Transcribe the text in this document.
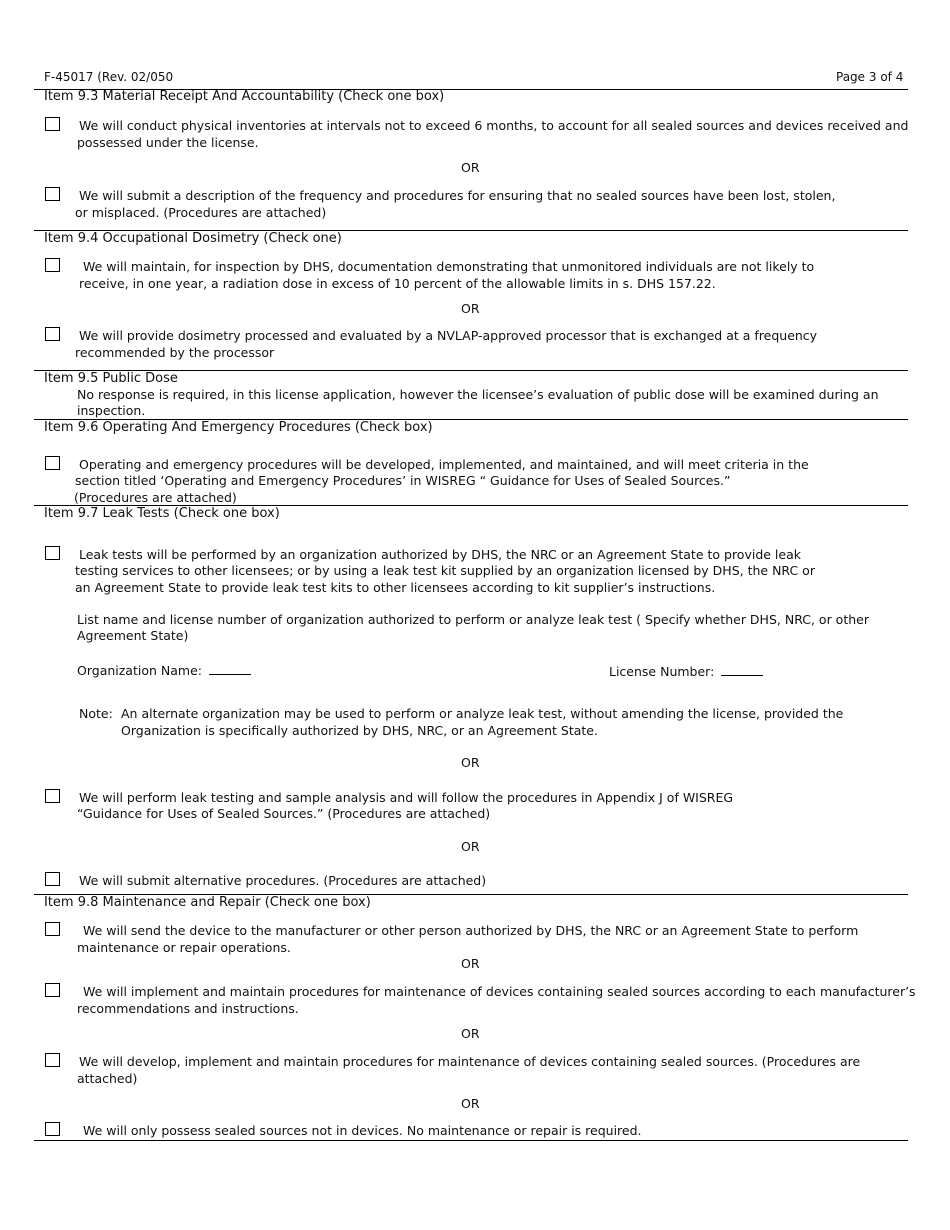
F-45017 (Rev. 02/050	Page 3 of 4
Item 9.3 Material Receipt And Accountability (Check one box)
We will conduct physical inventories at intervals not to exceed 6 months, to account for all sealed sources and devices received and
possessed under the license.
OR
We will submit a description of the frequency and procedures for ensuring that no sealed sources have been lost, stolen,
or misplaced. (Procedures are attached)
Item 9.4 Occupational Dosimetry (Check one)
We will maintain, for inspection by DHS, documentation demonstrating that unmonitored individuals are not likely to
receive, in one year, a radiation dose in excess of 10 percent of the allowable limits in s. DHS 157.22.
OR
We will provide dosimetry processed and evaluated by a NVLAP-approved processor that is exchanged at a frequency
recommended by the processor
Item 9.5 Public Dose
No response is required, in this license application, however the licensee’s evaluation of public dose will be examined during an
inspection.
Item 9.6 Operating And Emergency Procedures (Check box)
Operating and emergency procedures will be developed, implemented, and maintained, and will meet criteria in the
section titled ‘Operating and Emergency Procedures’ in WISREG “ Guidance for Uses of Sealed Sources.”
(Procedures are attached)
Item 9.7 Leak Tests (Check one box)
Leak tests will be performed by an organization authorized by DHS, the NRC or an Agreement State to provide leak
testing services to other licensees; or by using a leak test kit supplied by an organization licensed by DHS, the NRC or
an Agreement State to provide leak test kits to other licensees according to kit supplier’s instructions.
List name and license number of organization authorized to perform or analyze leak test ( Specify whether DHS, NRC, or other
Agreement State)
Organization Name:	License Number:
Note: An alternate organization may be used to perform or analyze leak test, without amending the license, provided the
Organization is specifically authorized by DHS, NRC, or an Agreement State.
OR
We will perform leak testing and sample analysis and will follow the procedures in Appendix J of WISREG
“Guidance for Uses of Sealed Sources.” (Procedures are attached)
OR
We will submit alternative procedures. (Procedures are attached)
Item 9.8 Maintenance and Repair (Check one box)
We will send the device to the manufacturer or other person authorized by DHS, the NRC or an Agreement State to perform
maintenance or repair operations.
OR
We will implement and maintain procedures for maintenance of devices containing sealed sources according to each manufacturer’s
recommendations and instructions.
OR
We will develop, implement and maintain procedures for maintenance of devices containing sealed sources. (Procedures are
attached)
OR
We will only possess sealed sources not in devices. No maintenance or repair is required.
